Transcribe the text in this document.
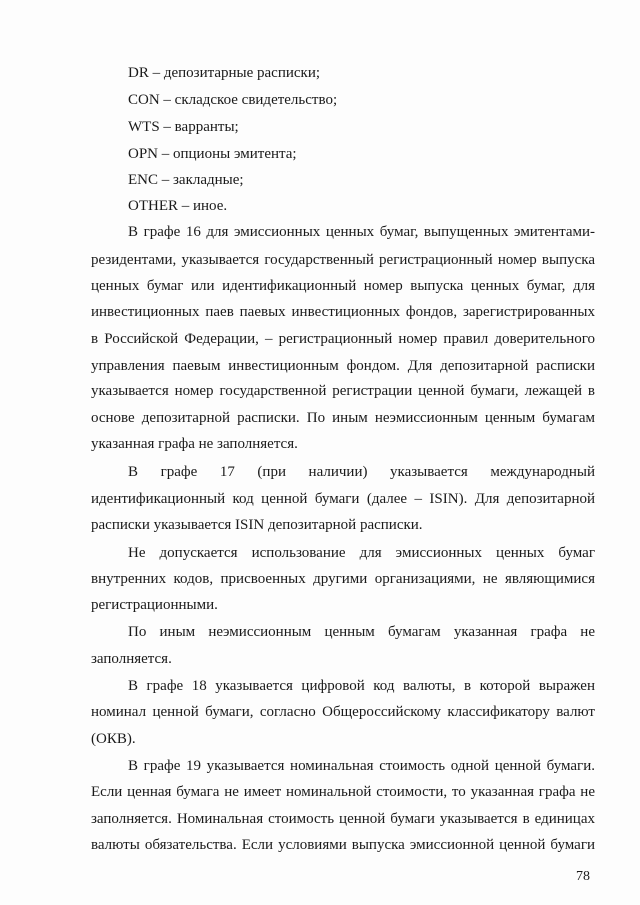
DR – депозитарные расписки;
CON – складское свидетельство;
WTS – варранты;
OPN – опционы эмитента;
ENC – закладные;
OTHER – иное.
В графе 16 для эмиссионных ценных бумаг, выпущенных эмитентами-
резидентами, указывается государственный регистрационный номер выпуска
ценных бумаг или идентификационный номер выпуска ценных бумаг, для
инвестиционных паев паевых инвестиционных фондов, зарегистрированных
в Российской Федерации, – регистрационный номер правил доверительного
управления паевым инвестиционным фондом. Для депозитарной расписки
указывается номер государственной регистрации ценной бумаги, лежащей в
основе депозитарной расписки. По иным неэмиссионным ценным бумагам
указанная графа не заполняется.
В графе 17 (при наличии) указывается международный
идентификационный код ценной бумаги (далее – ISIN). Для депозитарной
расписки указывается ISIN депозитарной расписки.
Не допускается использование для эмиссионных ценных бумаг
внутренних кодов, присвоенных другими организациями, не являющимися
регистрационными.
По иным неэмиссионным ценным бумагам указанная графа не
заполняется.
В графе 18 указывается цифровой код валюты, в которой выражен
номинал ценной бумаги, согласно Общероссийскому классификатору валют
(ОКВ).
В графе 19 указывается номинальная стоимость одной ценной бумаги.
Если ценная бумага не имеет номинальной стоимости, то указанная графа не
заполняется. Номинальная стоимость ценной бумаги указывается в единицах
валюты обязательства. Если условиями выпуска эмиссионной ценной бумаги
78
